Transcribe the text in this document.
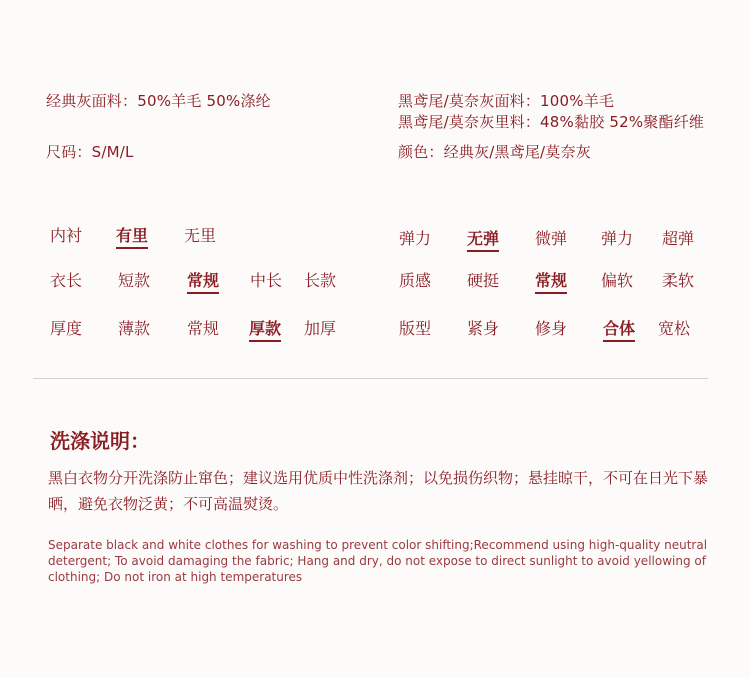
经典灰面料：50%羊毛 50%涤纶	黑鸢尾/莫奈灰面料：100%羊毛
黑鸢尾/莫奈灰里料：48%黏胶 52%聚酯纤维
尺码：S/M/L	颜色：经典灰/黑鸢尾/莫奈灰
内衬 有里 无里
衣长 短款 常规 中长 长款
厚度 薄款 常规 厚款 加厚
弹力 无弹 微弹 弹力 超弹
质感 硬挺 常规 偏软 柔软
版型 紧身 修身 合体 宽松
洗涤说明：
黑白衣物分开洗涤防止窜色；建议选用优质中性洗涤剂；以免损伤织物；悬挂晾干，不可在日光下暴晒，避免衣物泛黄；不可高温熨烫。
Separate black and white clothes for washing to prevent color shifting;Recommend using high-quality neutral detergent; To avoid damaging the fabric; Hang and dry, do not expose to direct sunlight to avoid yellowing of clothing; Do not iron at high temperatures
